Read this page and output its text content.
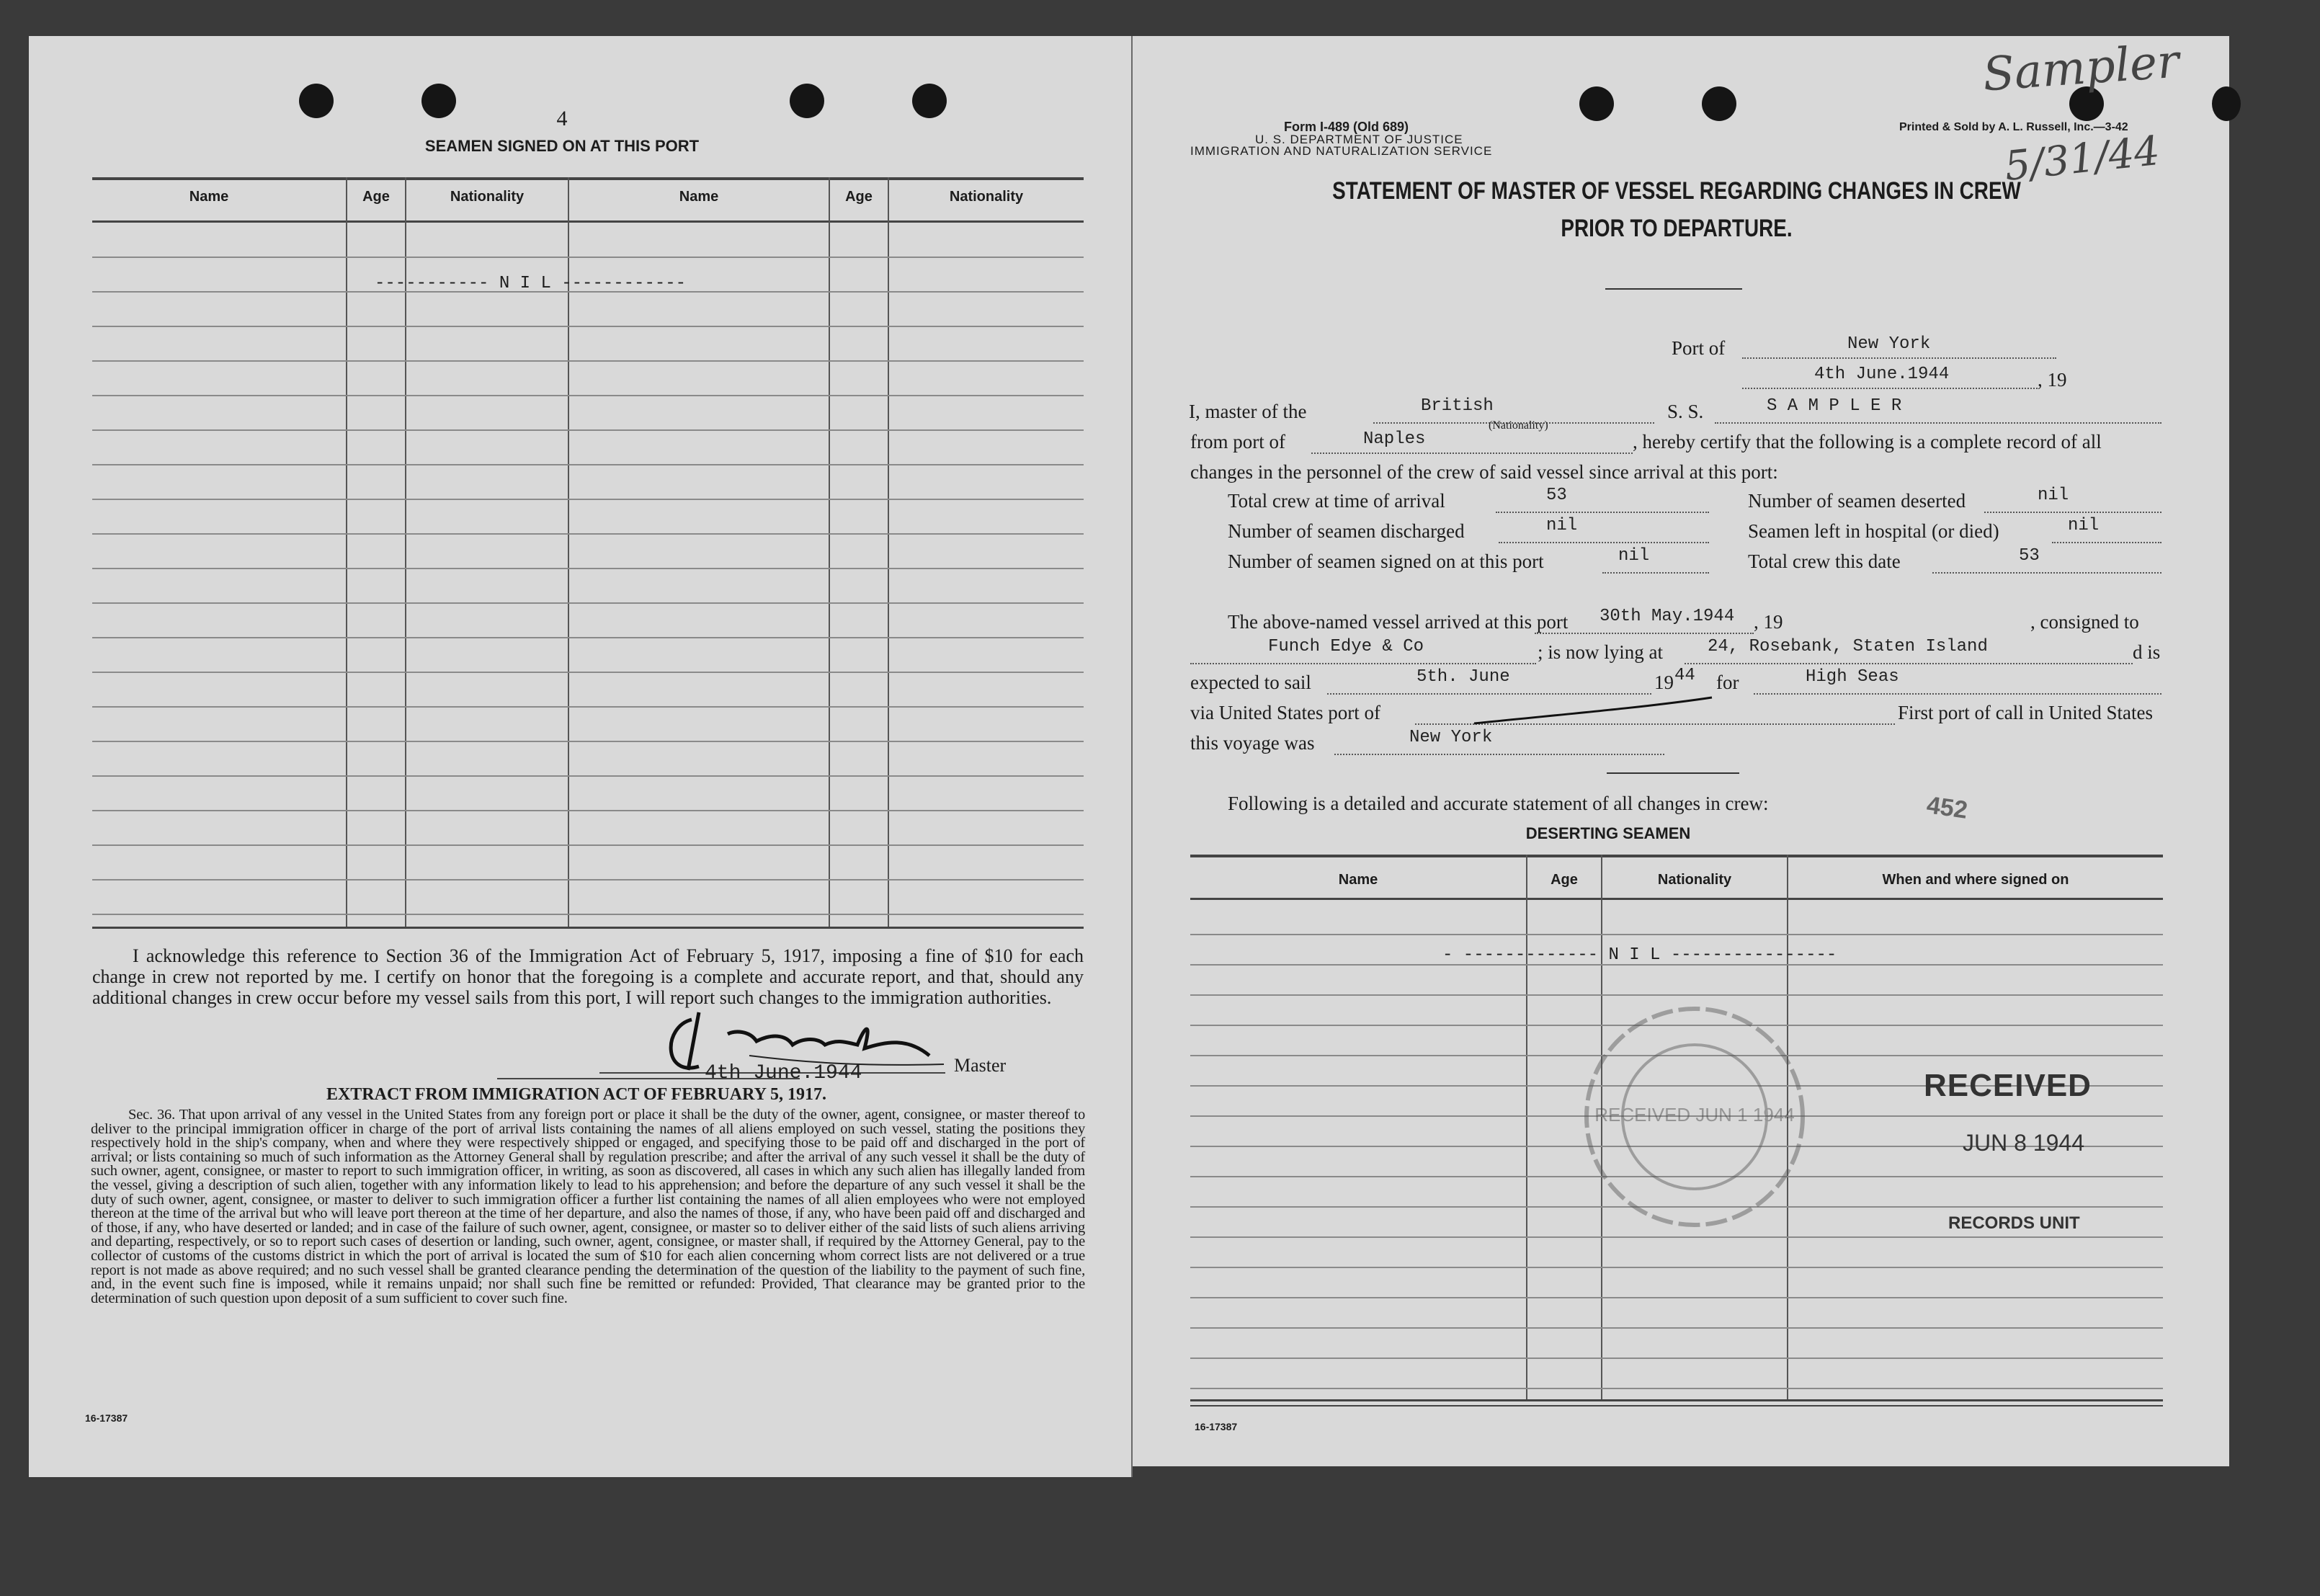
4
SEAMEN SIGNED ON AT THIS PORT
Name	Age	Nationality	Name	Age	Nationality
----------- N I L ------------
I acknowledge this reference to Section 36 of the Immigration Act of February 5, 1917, imposing a fine of $10 for each change in crew not reported by me. I certify on honor that the foregoing is a complete and accurate report, and that, should any additional changes in crew occur before my vessel sails from this port, I will report such changes to the immigration authorities.
4th June.1944	Master
EXTRACT FROM IMMIGRATION ACT OF FEBRUARY 5, 1917.
Sec. 36. That upon arrival of any vessel in the United States from any foreign port or place it shall be the duty of the owner, agent, consignee, or master thereof to deliver to the principal immigration officer in charge of the port of arrival lists containing the names of all aliens employed on such vessel, stating the positions they respectively hold in the ship's company, when and where they were respectively shipped or engaged, and specifying those to be paid off and discharged in the port of arrival; or lists containing so much of such information as the Attorney General shall by regulation prescribe; and after the arrival of any such vessel it shall be the duty of such owner, agent, consignee, or master to report to such immigration officer, in writing, as soon as discovered, all cases in which any such alien has illegally landed from the vessel, giving a description of such alien, together with any information likely to lead to his apprehension; and before the departure of any such vessel it shall be the duty of such owner, agent, consignee, or master to deliver to such immigration officer a further list containing the names of all alien employees who were not employed thereon at the time of the arrival but who will leave port thereon at the time of her departure, and also the names of those, if any, who have been paid off and discharged and of those, if any, who have deserted or landed; and in case of the failure of such owner, agent, consignee, or master so to deliver either of the said lists of such aliens arriving and departing, respectively, or so to report such cases of desertion or landing, such owner, agent, consignee, or master shall, if required by the Attorney General, pay to the collector of customs of the customs district in which the port of arrival is located the sum of $10 for each alien concerning whom correct lists are not delivered or a true report is not made as above required; and no such vessel shall be granted clearance pending the determination of the question of the liability to the payment of such fine, and, in the event such fine is imposed, while it remains unpaid; nor shall such fine be remitted or refunded: Provided, That clearance may be granted prior to the determination of such question upon deposit of a sum sufficient to cover such fine.
16-17387
Sampler
5/31/44
Form I-489 (Old 689)
U. S. DEPARTMENT OF JUSTICE
IMMIGRATION AND NATURALIZATION SERVICE
Printed & Sold by A. L. Russell, Inc.—3-42
STATEMENT OF MASTER OF VESSEL REGARDING CHANGES IN CREW
PRIOR TO DEPARTURE.
Port of	New York
4th June.1944	, 19
I, master of the	British
(Nationality)
S. S.	S A M P L E R
from port of	Naples	, hereby certify that the following is a complete record of all
changes in the personnel of the crew of said vessel since arrival at this port:
Total crew at time of arrival	53	Number of seamen deserted	nil
Number of seamen discharged	nil	Seamen left in hospital (or died)	nil
Number of seamen signed on at this port	nil	Total crew this date	53
The above-named vessel arrived at this port 30th May.1944 , 19	, consigned to
Funch Edye & Co	; is now lying at	24, Rosebank, Staten Island	d is
expected to sail	5th. June	19 44 for	High Seas
via United States port of	First port of call in United States
this voyage was	New York
Following is a detailed and accurate statement of all changes in crew:	452
DESERTING SEAMEN
Name	Age	Nationality	When and where signed on
- ------------- N I L ----------------
RECEIVED JUN 1 1944
RECEIVED
JUN 8 1944
RECORDS UNIT
16-17387
